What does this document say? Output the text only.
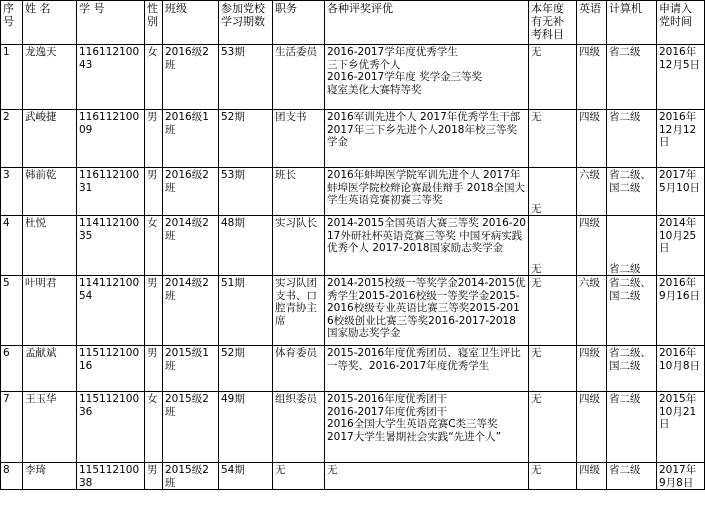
序号	姓 名	学 号	性别	班级	参加党校学习期数	职务	各种评奖评优	本年度有无补考科目	英语	计算机	申请入党时间
1	龙逸天	11611210043	女	2016级2班	53期	生活委员	2016-2017学年度优秀学生
三下乡优秀个人
2016-2017学年度 奖学金三等奖
寝室美化大赛特等奖	无	四级	省二级	2016年12月5日
2	武峻捷	11611210009	男	2016级1班	52期	团支书	2016军训先进个人 2017年优秀学生干部 2017年三下乡先进个人2018年校三等奖学金	无	四级	省二级	2016年12月12日
3	韩前乾	11611210031	男	2016级2班	53期	班长	2016年蚌埠医学院军训先进个人 2017年蚌埠医学院校辩论赛最佳辩手 2018全国大学生英语竞赛初赛三等奖	无	六级	省二级、国二级	2017年5月10日
4	杜悦	11411210035	女	2014级2班	48期	实习队长	2014-2015全国英语大赛三等奖 2016-2017外研社杯英语竞赛三等奖 中国牙病实践优秀个人 2017-2018国家励志奖学金	无	四级	省二级	2014年10月25日
5	叶明君	11411210054	男	2014级2班	51期	实习队团支书、口腔青协主席	2014-2015校级一等奖学金2014-2015优秀学生2015-2016校级一等奖学金2015-2016校级专业英语比赛三等奖2015-2016校级创业比赛三等奖2016-2017-2018国家励志奖学金	无	六级	省二级、国二级	2016年9月16日
6	孟献斌	11511210016	男	2015级1班	52期	体育委员	2015-2016年度优秀团员、寝室卫生评比一等奖、2016-2017年度优秀学生	无	四级	省二级、国二级	2016年10月8日
7	王玉华	11511210036	女	2015级2班	49期	组织委员	2015-2016年度优秀团干
2016-2017年度优秀团干
2016全国大学生英语竞赛C类三等奖
2017大学生暑期社会实践“先进个人”	无	四级	省二级	2015年10月21日
8	李琦	11511210038	男	2015级2班	54期	无	无	无	四级	省二级	2017年9月8日
